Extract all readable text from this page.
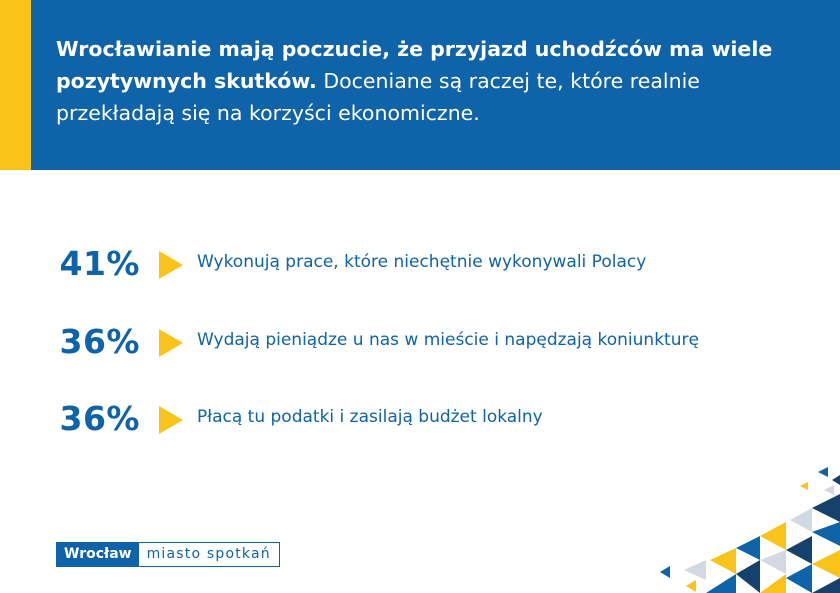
Wrocławianie mają poczucie, że przyjazd uchodźców ma wiele pozytywnych skutków. Doceniane są raczej te, które realnie przekładają się na korzyści ekonomiczne.

41%	Wykonują prace, które niechętnie wykonywali Polacy
36%	Wydają pieniądze u nas w mieście i napędzają koniunkturę
36%	Płacą tu podatki i zasilają budżet lokalny
Wrocław	miasto spotkań
